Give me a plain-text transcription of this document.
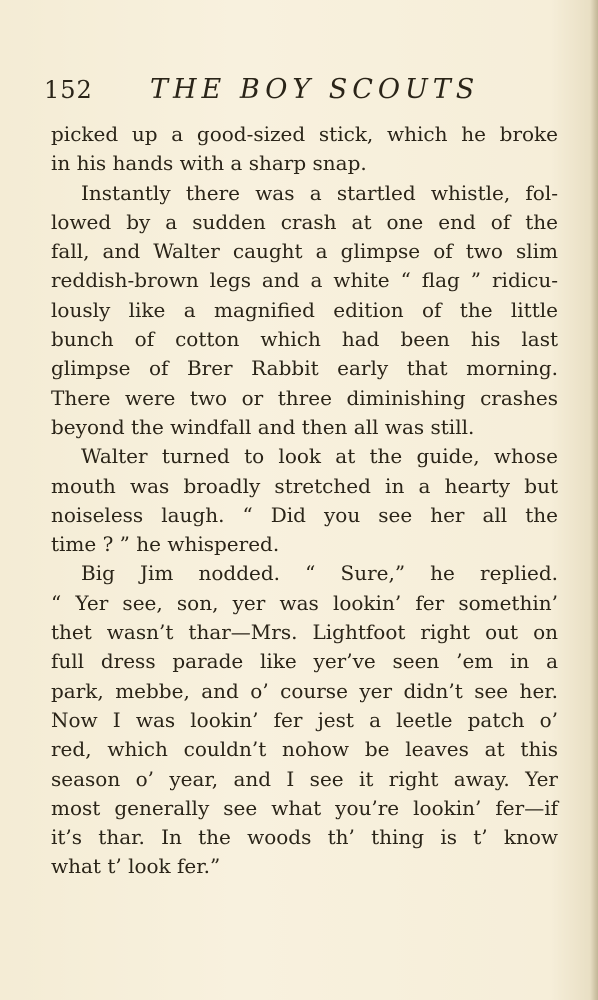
152 THE BOY SCOUTS
picked up a good-sized stick, which he broke
in his hands with a sharp snap.
Instantly there was a startled whistle, fol-
lowed by a sudden crash at one end of the
fall, and Walter caught a glimpse of two slim
reddish-brown legs and a white “ flag ” ridicu-
lously like a magnified edition of the little
bunch of cotton which had been his last
glimpse of Brer Rabbit early that morning.
There were two or three diminishing crashes
beyond the windfall and then all was still.
Walter turned to look at the guide, whose
mouth was broadly stretched in a hearty but
noiseless laugh. “ Did you see her all the
time ? ” he whispered.
Big Jim nodded. “ Sure,” he replied.
“ Yer see, son, yer was lookin’ fer somethin’
thet wasn’t thar—Mrs. Lightfoot right out on
full dress parade like yer’ve seen ’em in a
park, mebbe, and o’ course yer didn’t see her.
Now I was lookin’ fer jest a leetle patch o’
red, which couldn’t nohow be leaves at this
season o’ year, and I see it right away. Yer
most generally see what you’re lookin’ fer—if
it’s thar. In the woods th’ thing is t’ know
what t’ look fer.”
